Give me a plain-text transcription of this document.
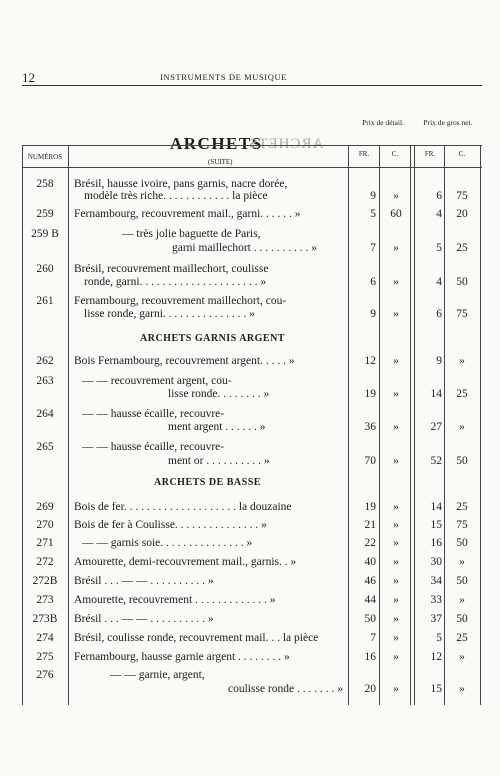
12	INSTRUMENTS DE MUSIQUE
Prix de détail.	Prix de gros net.
ARCHETS
ARCHETS
(SUITE)
NUMÉROS	FR.	C.	FR.	C.
258	Brésil, hausse ivoire, pans garnis, nacre dorée,
modèle très riche. . . . . . . . . . . . la pièce	9	»	6	75
259	Fernambourg, recouvrement mail., garni. . . . . . »	5	60	4	20
259 B	— très jolie baguette de Paris,
garni maillechort . . . . . . . . . . »	7	»	5	25
260	Brésil, recouvrement maillechort, coulisse
ronde, garni. . . . . . . . . . . . . . . . . . . . . »	6	»	4	50
261	Fernambourg, recouvrement maillechort, cou-
lisse ronde, garni. . . . . . . . . . . . . . . »	9	»	6	75
ARCHETS GARNIS ARGENT
262	Bois Fernambourg, recouvrement argent. . . . . »	12	»	9	»
263	— — recouvrement argent, cou-
lisse ronde. . . . . . . . »	19	»	14	25
264	— — hausse écaille, recouvre-
ment argent . . . . . . »	36	»	27	»
265	— — hausse écaille, recouvre-
ment or . . . . . . . . . . »	70	»	52	50
ARCHETS DE BASSE
269	Bois de fer. . . . . . . . . . . . . . . . . . . . la douzaine	19	»	14	25
270	Bois de fer à Coulisse. . . . . . . . . . . . . . . »	21	»	15	75
271	— — garnis soie. . . . . . . . . . . . . . . »	22	»	16	50
272	Amourette, demi-recouvrement mail., garnis. . »	40	»	30	»
272B	Brésil . . . — — . . . . . . . . . . »	46	»	34	50
273	Amourette, recouvrement . . . . . . . . . . . . . »	44	»	33	»
273B	Brésil . . . — — . . . . . . . . . . »	50	»	37	50
274	Brésil, coulisse ronde, recouvrement mail. . . la pièce	7	»	5	25
275	Fernambourg, hausse garnie argent . . . . . . . . »	16	»	12	»
276	— — garnie, argent,
coulisse ronde . . . . . . . »	20	»	15	»
